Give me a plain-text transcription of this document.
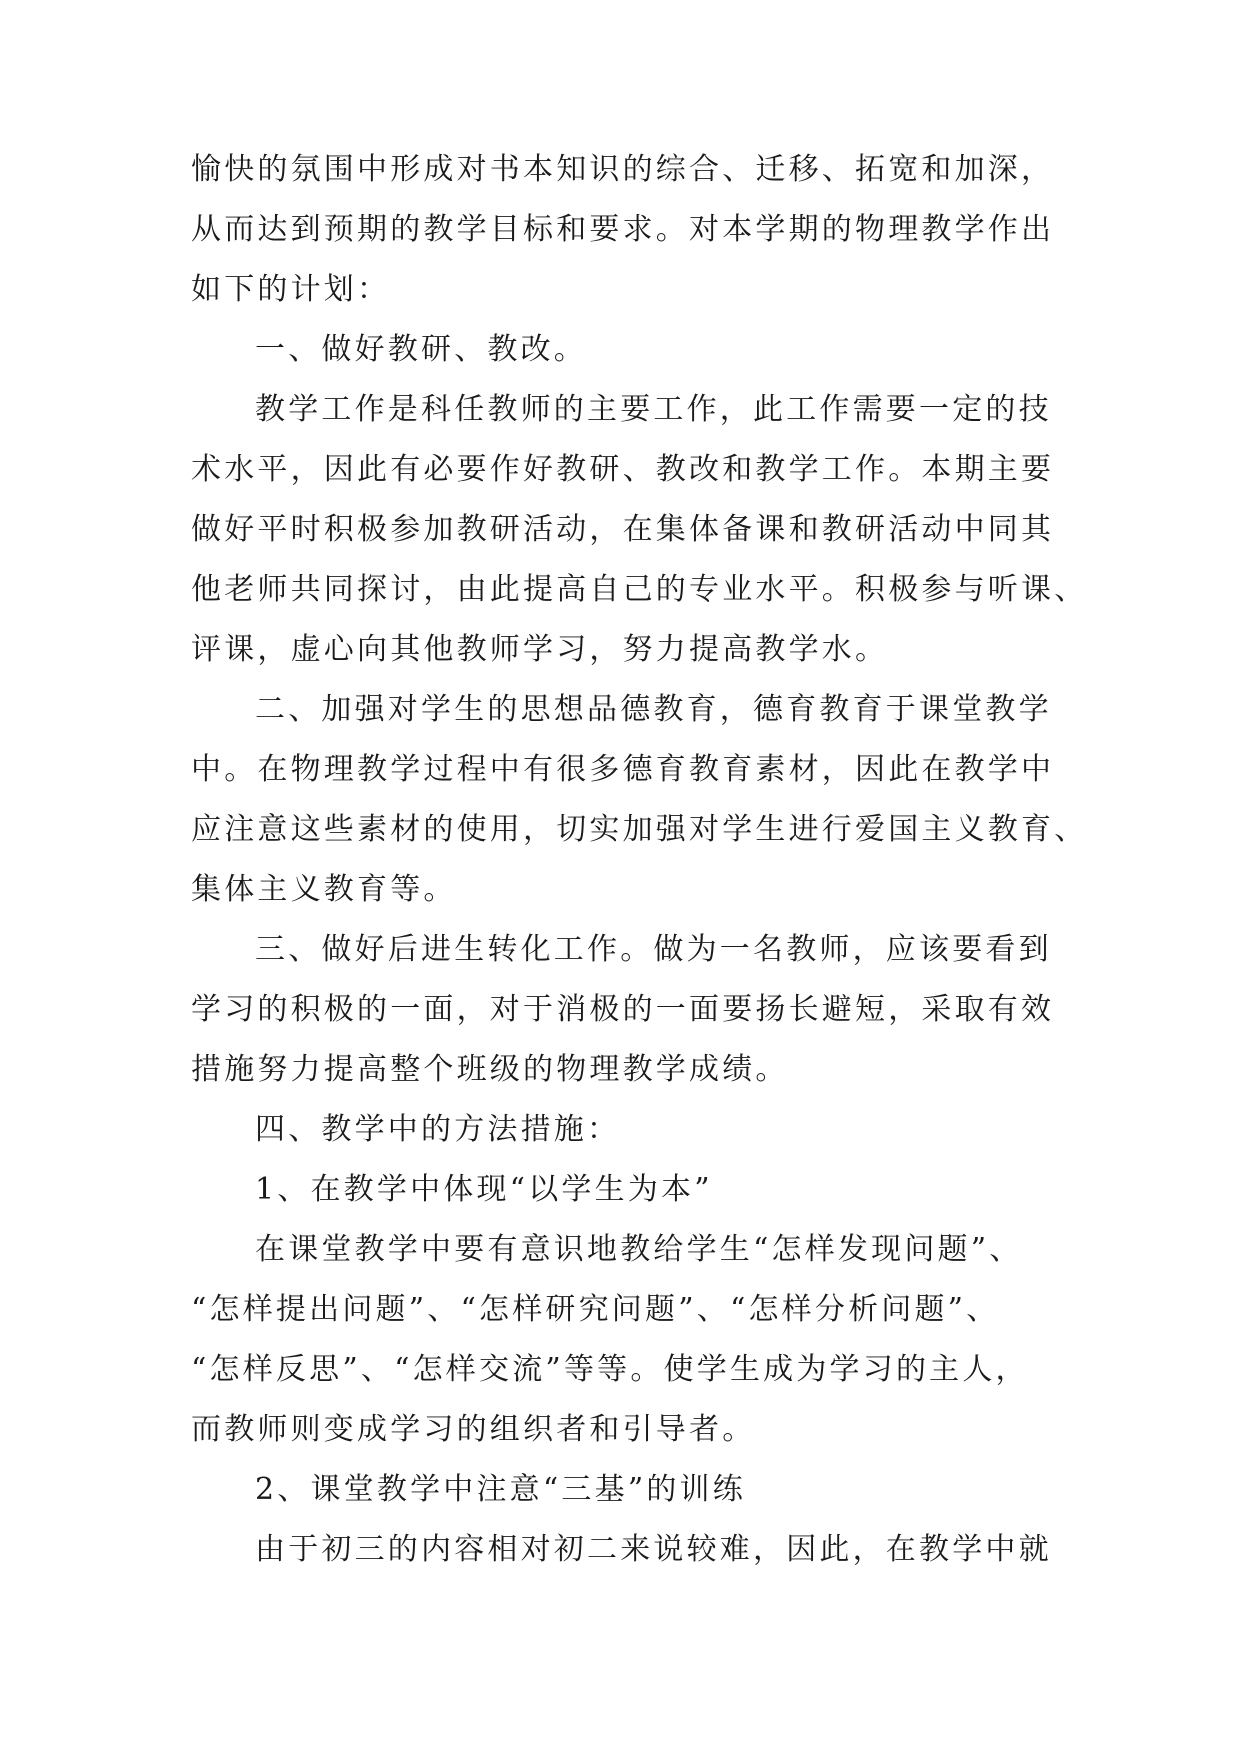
愉快的氛围中形成对书本知识的综合、迁移、拓宽和加深，
从而达到预期的教学目标和要求。对本学期的物理教学作出
如下的计划：
一、做好教研、教改。
教学工作是科任教师的主要工作，此工作需要一定的技
术水平，因此有必要作好教研、教改和教学工作。本期主要
做好平时积极参加教研活动，在集体备课和教研活动中同其
他老师共同探讨，由此提高自己的专业水平。积极参与听课、
评课，虚心向其他教师学习，努力提高教学水。
二、加强对学生的思想品德教育，德育教育于课堂教学
中。在物理教学过程中有很多德育教育素材，因此在教学中
应注意这些素材的使用，切实加强对学生进行爱国主义教育、
集体主义教育等。
三、做好后进生转化工作。做为一名教师，应该要看到
学习的积极的一面，对于消极的一面要扬长避短，采取有效
措施努力提高整个班级的物理教学成绩。
四、教学中的方法措施：
1、在教学中体现“以学生为本”
在课堂教学中要有意识地教给学生“怎样发现问题”、
“怎样提出问题”、“怎样研究问题”、“怎样分析问题”、
“怎样反思”、“怎样交流”等等。使学生成为学习的主人，
而教师则变成学习的组织者和引导者。
2、课堂教学中注意“三基”的训练
由于初三的内容相对初二来说较难，因此，在教学中就
